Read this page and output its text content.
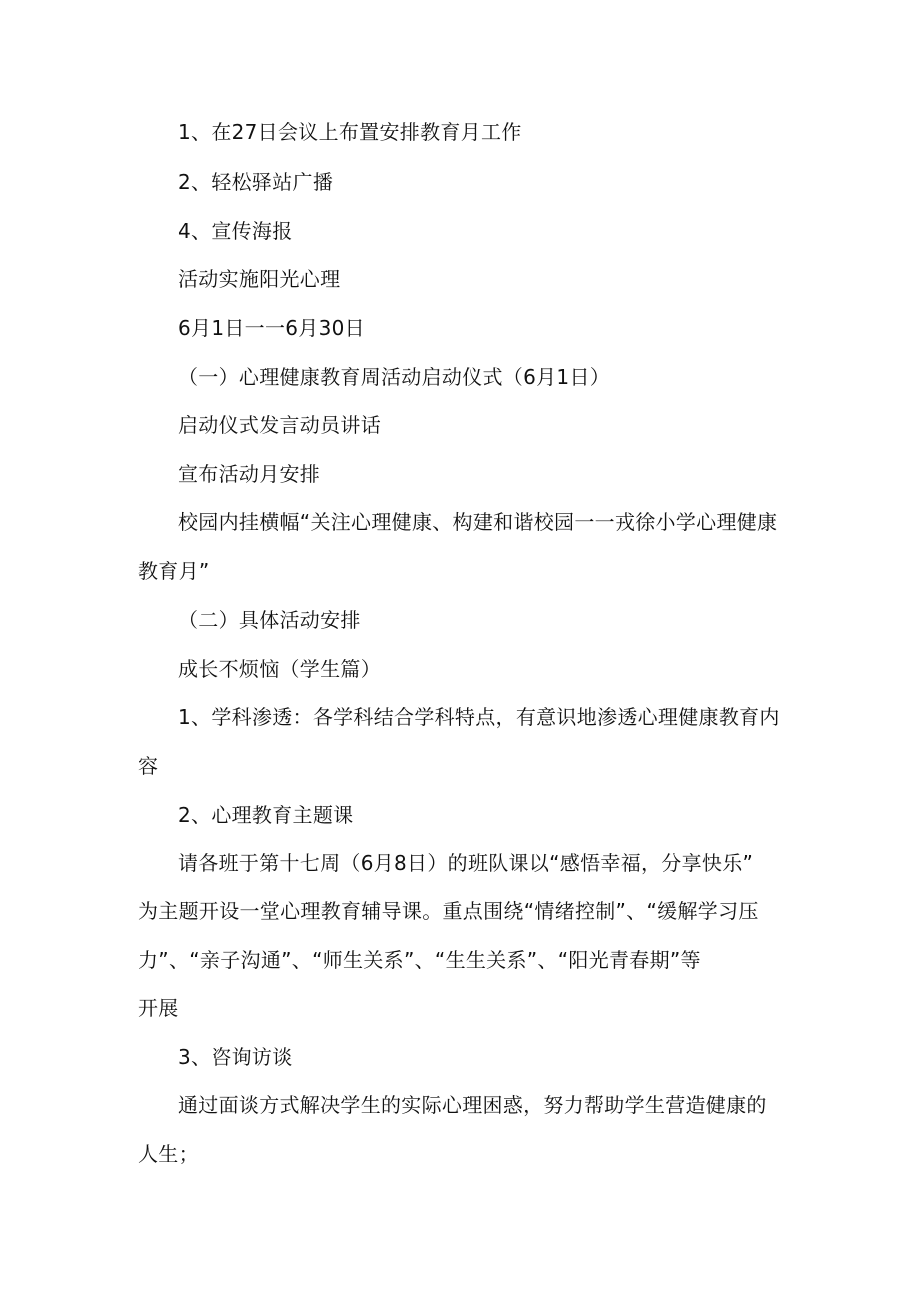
1、在27日会议上布置安排教育月工作
2、轻松驿站广播
4、宣传海报
活动实施阳光心理
6月1日一一6月30日
（一）心理健康教育周活动启动仪式（6月1日）
启动仪式发言动员讲话
宣布活动月安排
校园内挂横幅“关注心理健康、构建和谐校园一一戎徐小学心理健康
教育月”
（二）具体活动安排
成长不烦恼（学生篇）
1、学科渗透：各学科结合学科特点，有意识地渗透心理健康教育内
容
2、心理教育主题课
请各班于第十七周（6月8日）的班队课以“感悟幸福，分享快乐”
为主题开设一堂心理教育辅导课。重点围绕“情绪控制”、“缓解学习压
力”、“亲子沟通”、“师生关系”、“生生关系”、“阳光青春期”等
开展
3、咨询访谈
通过面谈方式解决学生的实际心理困惑，努力帮助学生营造健康的
人生；
